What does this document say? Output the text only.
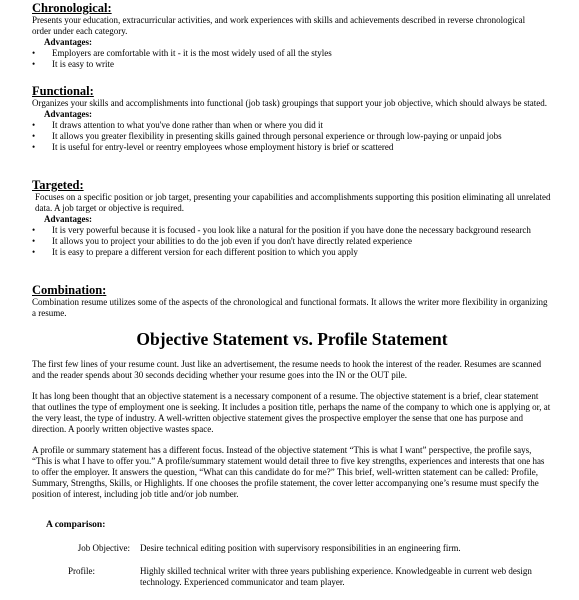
Chronological:

Presents your education, extracurricular activities, and work experiences with skills and achievements described in reverse chronological order under each category.

Advantages:

• Employers are comfortable with it - it is the most widely used of all the styles
• It is easy to write

Functional:

Organizes your skills and accomplishments into functional (job task) groupings that support your job objective, which should always be stated.

Advantages:

• It draws attention to what you've done rather than when or where you did it
• It allows you greater flexibility in presenting skills gained through personal experience or through low-paying or unpaid jobs
• It is useful for entry-level or reentry employees whose employment history is brief or scattered

Targeted:

Focuses on a specific position or job target, presenting your capabilities and accomplishments supporting this position eliminating all unrelated data. A job target or objective is required.

Advantages:

• It is very powerful because it is focused - you look like a natural for the position if you have done the necessary background research
• It allows you to project your abilities to do the job even if you don't have directly related experience
• It is easy to prepare a different version for each different position to which you apply

Combination:

Combination resume utilizes some of the aspects of the chronological and functional formats. It allows the writer more flexibility in organizing a resume.

Objective Statement vs. Profile Statement

The first few lines of your resume count. Just like an advertisement, the resume needs to hook the interest of the reader. Resumes are scanned and the reader spends about 30 seconds deciding whether your resume goes into the IN or the OUT pile.

It has long been thought that an objective statement is a necessary component of a resume. The objective statement is a brief, clear statement that outlines the type of employment one is seeking. It includes a position title, perhaps the name of the company to which one is applying or, at the very least, the type of industry. A well-written objective statement gives the prospective employer the sense that one has purpose and direction. A poorly written objective wastes space.

A profile or summary statement has a different focus. Instead of the objective statement “This is what I want” perspective, the profile says, “This is what I have to offer you.” A profile/summary statement would detail three to five key strengths, experiences and interests that one has to offer the employer. It answers the question, “What can this candidate do for me?” This brief, well-written statement can be called: Profile, Summary, Strengths, Skills, or Highlights. If one chooses the profile statement, the cover letter accompanying one’s resume must specify the position of interest, including job title and/or job number.

A comparison:

Job Objective:	Desire technical editing position with supervisory responsibilities in an engineering firm.
Profile:	Highly skilled technical writer with three years publishing experience. Knowledgeable in current web design technology. Experienced communicator and team player.
